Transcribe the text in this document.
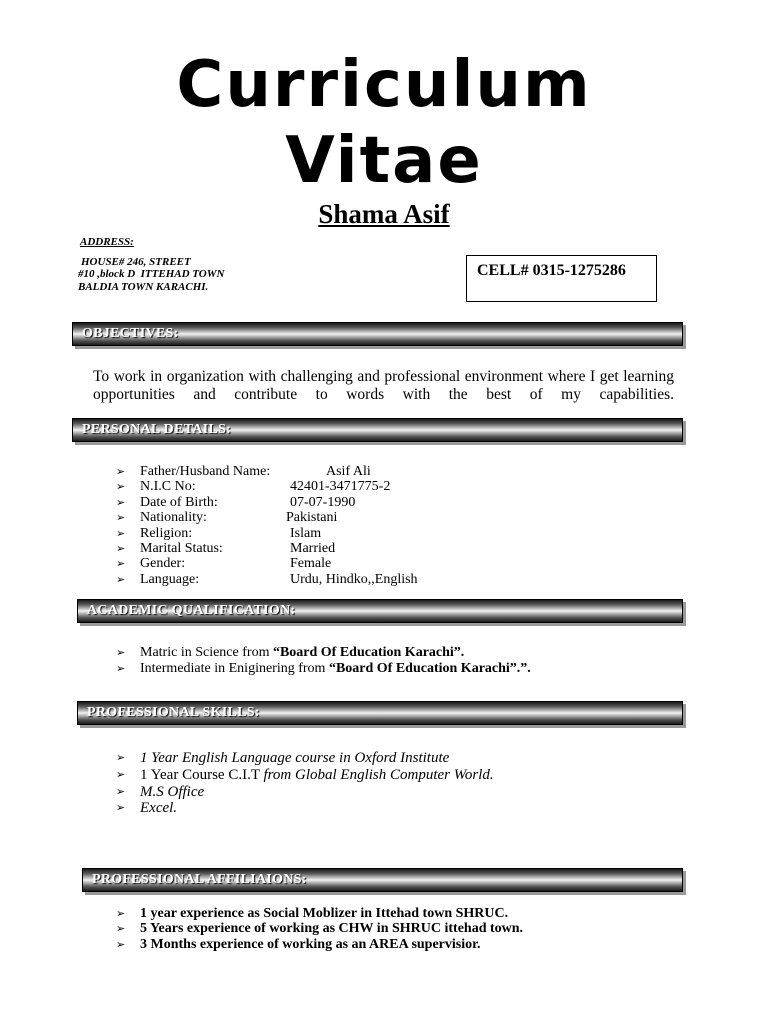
Curriculum
Vitae
Shama Asif
ADDRESS:
HOUSE# 246, STREET
#10 ,block D  ITTEHAD TOWN
BALDIA TOWN KARACHI.
CELL# 0315-1275286
OBJECTIVES:
To work in organization with challenging and professional environment where I get learning opportunities and contribute to words with the best of my capabilities.
PERSONAL DETAILS:
➢ Father/Husband Name:	Asif Ali
➢ N.I.C No:	42401-3471775-2
➢ Date of Birth:	07-07-1990
➢ Nationality:	Pakistani
➢ Religion:	Islam
➢ Marital Status:	Married
➢ Gender:	Female
➢ Language:	Urdu, Hindko,,English
ACADEMIC QUALIFICATION:
➢ Matric in Science from “Board Of Education Karachi”.
➢ Intermediate in Eniginering from “Board Of Education Karachi”.”.
PROFESSIONAL SKILLS:
➢ 1 Year English Language course in Oxford Institute
➢ 1 Year Course C.I.T from Global English Computer World.
➢ M.S Office
➢ Excel.
PROFESSIONAL AFFILIAIONS:
➢ 1 year experience as Social Moblizer in Ittehad town SHRUC.
➢ 5 Years experience of working as CHW in SHRUC ittehad town.
➢ 3 Months experience of working as an AREA supervisior.
